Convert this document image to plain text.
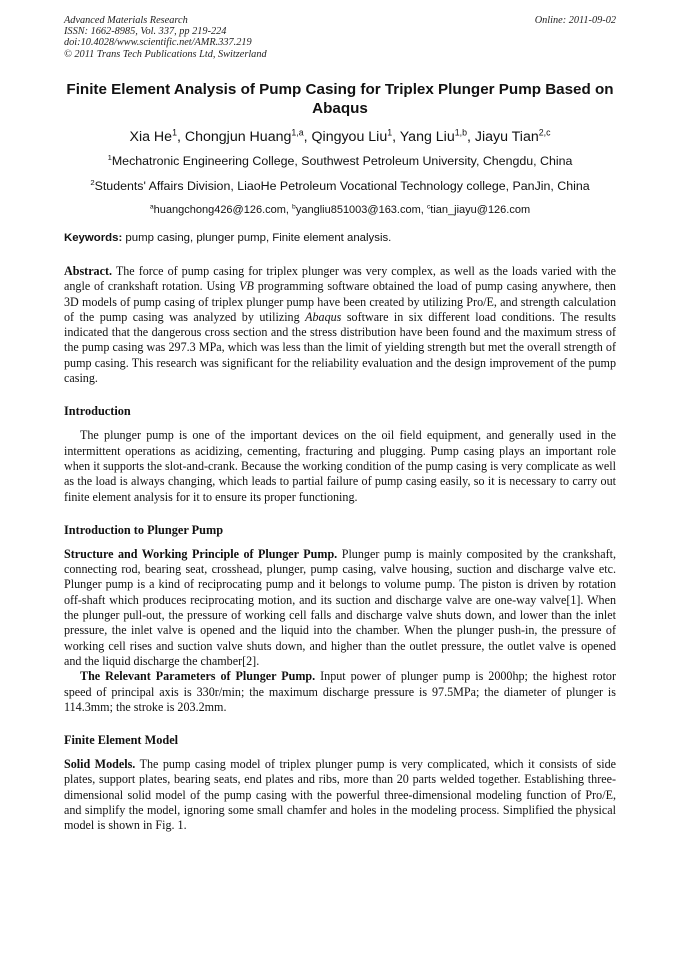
Advanced Materials Research
ISSN: 1662-8985, Vol. 337, pp 219-224
doi:10.4028/www.scientific.net/AMR.337.219
© 2011 Trans Tech Publications Ltd, Switzerland
Online: 2011-09-02
Finite Element Analysis of Pump Casing for Triplex Plunger Pump Based on Abaqus
Xia He$^1$, Chongjun Huang$^{1,a}$, Qingyou Liu$^1$, Yang Liu$^{1,b}$, Jiayu Tian$^{2,c}$
$^1$Mechatronic Engineering College, Southwest Petroleum University, Chengdu, China
$^2$Students' Affairs Division, LiaoHe Petroleum Vocational Technology college, PanJin, China
$^a$huangchong426@126.com, $^b$yangliu851003@163.com, $^c$tian_jiayu@126.com
Keywords: pump casing, plunger pump, Finite element analysis.
Abstract. The force of pump casing for triplex plunger was very complex, as well as the loads varied with the angle of crankshaft rotation. Using VB programming software obtained the load of pump casing anywhere, then 3D models of pump casing of triplex plunger pump have been created by utilizing Pro/E, and strength calculation of the pump casing was analyzed by utilizing Abaqus software in six different load conditions. The results indicated that the dangerous cross section and the stress distribution have been found and the maximum stress of the pump casing was 297.3 MPa, which was less than the limit of yielding strength but met the overall strength of pump casing. This research was significant for the reliability evaluation and the design improvement of the pump casing.
Introduction

The plunger pump is one of the important devices on the oil field equipment, and generally used in the intermittent operations as acidizing, cementing, fracturing and plugging. Pump casing plays an important role when it supports the slot-and-crank. Because the working condition of the pump casing is very complicate as well as the load is always changing, which leads to partial failure of pump casing easily, so it is necessary to carry out finite element analysis for it to ensure its proper functioning.

Introduction to Plunger Pump

Structure and Working Principle of Plunger Pump. Plunger pump is mainly composited by the crankshaft, connecting rod, bearing seat, crosshead, plunger, pump casing, valve housing, suction and discharge valve etc. Plunger pump is a kind of reciprocating pump and it belongs to volume pump. The piston is driven by rotation off-shaft which produces reciprocating motion, and its suction and discharge valve are one-way valve[1]. When the plunger pull-out, the pressure of working cell falls and discharge valve shuts down, and lower than the inlet pressure, the inlet valve is opened and the liquid into the chamber. When the plunger push-in, the pressure of working cell rises and suction valve shuts down, and higher than the outlet pressure, the outlet valve is opened and the liquid discharge the chamber[2].

The Relevant Parameters of Plunger Pump. Input power of plunger pump is 2000hp; the highest rotor speed of principal axis is 330r/min; the maximum discharge pressure is 97.5MPa; the diameter of plunger is 114.3mm; the stroke is 203.2mm.

Finite Element Model

Solid Models. The pump casing model of triplex plunger pump is very complicated, which it consists of side plates, support plates, bearing seats, end plates and ribs, more than 20 parts welded together. Establishing three-dimensional solid model of the pump casing with the powerful three-dimensional modeling function of Pro/E, and simplify the model, ignoring some small chamfer and holes in the modeling process. Simplified the physical model is shown in Fig. 1.
